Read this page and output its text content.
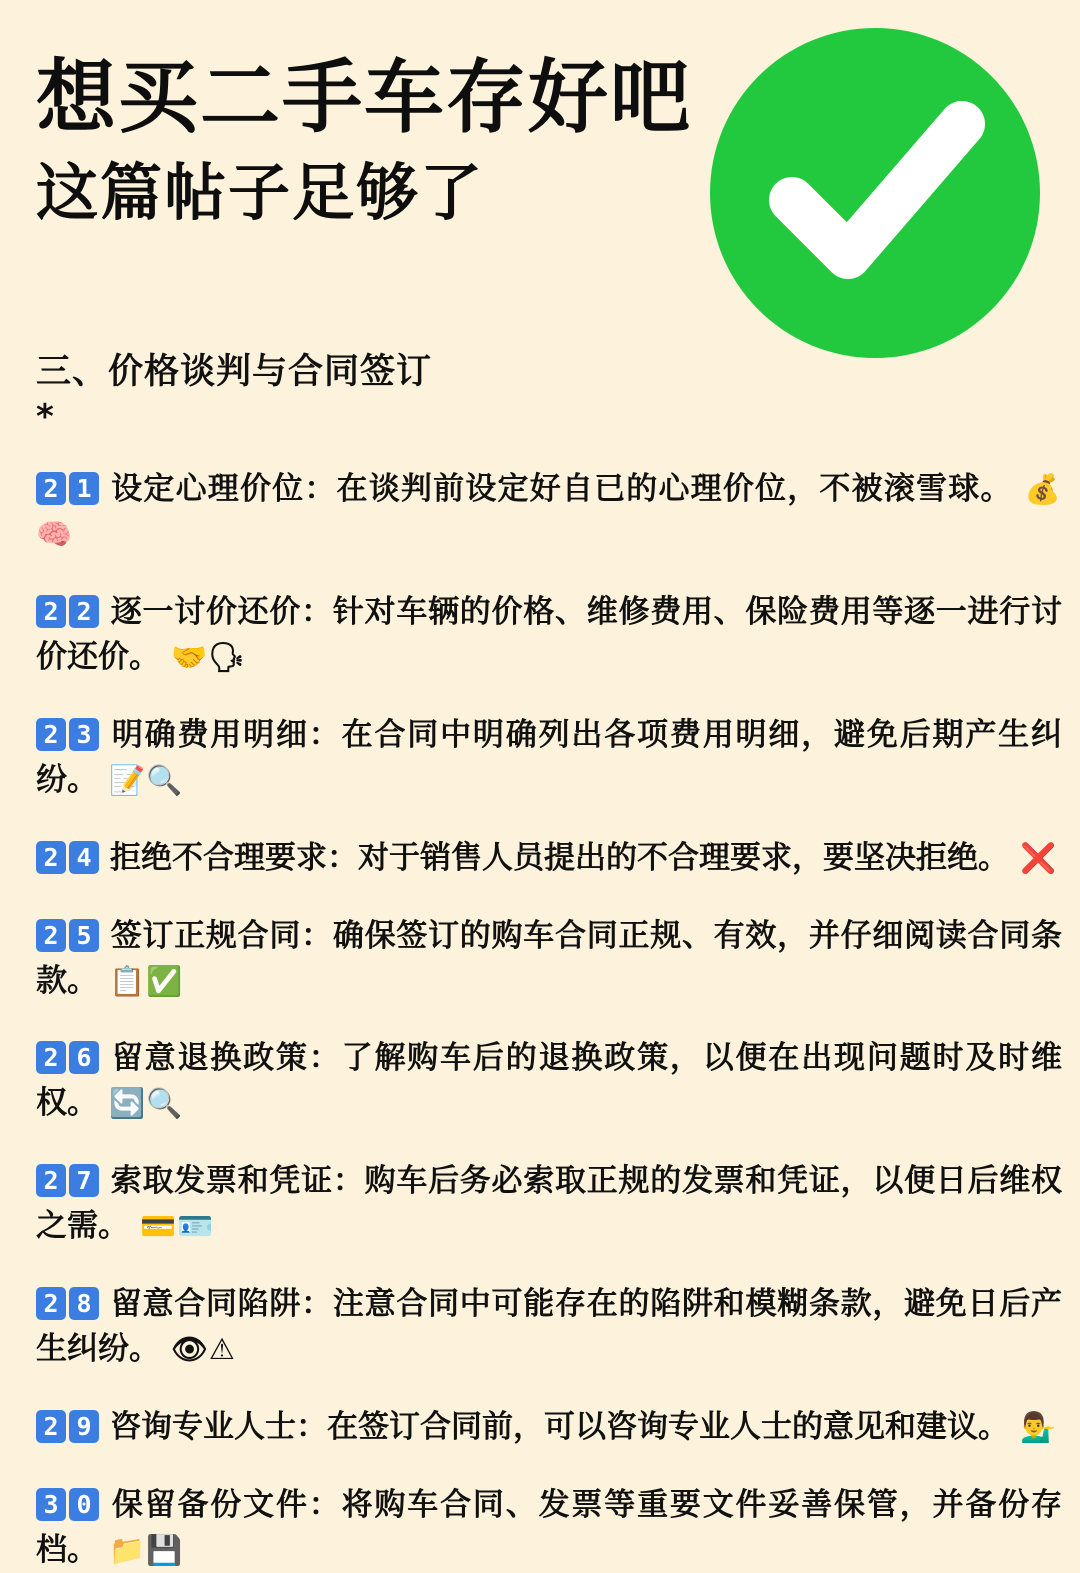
想买二手车存好吧
这篇帖子足够了
三、价格谈判与合同签订
*

2 1 设定心理价位：在谈判前设定好自已的心理价位，不被滚雪球。 💰🧠

2 2 逐一讨价还价：针对车辆的价格、维修费用、保险费用等逐一进行讨价还价。 🤝🗣

2 3 明确费用明细：在合同中明确列出各项费用明细，避免后期产生纠纷。 📝🔍

2 4 拒绝不合理要求：对于销售人员提出的不合理要求，要坚决拒绝。 ❌

2 5 签订正规合同：确保签订的购车合同正规、有效，并仔细阅读合同条款。 📋✅

2 6 留意退换政策：了解购车后的退换政策，以便在出现问题时及时维权。 🔄🔍

2 7 索取发票和凭证：购车后务必索取正规的发票和凭证，以便日后维权之需。 💳🪪

2 8 留意合同陷阱：注意合同中可能存在的陷阱和模糊条款，避免日后产生纠纷。 👁⚠

2 9 咨询专业人士：在签订合同前，可以咨询专业人士的意见和建议。 💁‍♂️

3 0 保留备份文件：将购车合同、发票等重要文件妥善保管，并备份存档。 📁💾
